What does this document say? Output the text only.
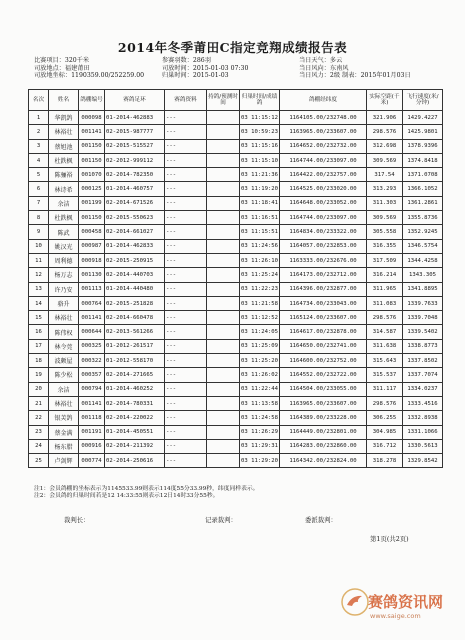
2014年冬季莆田C指定竞翔成绩报告表
比赛项目：320千米
司放地点：福建莆田
司放地坐标：1190359.00/252259.00
参赛羽数：286羽
司放时间：2015-01-03 07:30
归巢时间：2015-01-03
当日天气：多云
当日风向：东南风
当日风力：2级 制表：2015年01月03日
名次	姓名	鸽棚编号	赛鸽足环	赛鸽资料	持鸽/预测时间	归巢时间/成绩鸽	鸽棚经纬度	实际空距(千米)	飞行速度(米/分钟)
1	华凯鸽	000098	01-2014-462883	---		03 11:15:12	1164105.00/232748.00	321.906	1429.4227
2	林裕壮	001141	02-2015-987777	---		03 10:59:23	1163965.00/233607.00	298.576	1425.9801
3	蔡旭池	001150	02-2015-515527	---		03 11:15:16	1164652.00/232732.00	312.698	1378.9396
4	杜鉄枫	001150	02-2012-999112	---		03 11:15:10	1164744.00/233097.00	309.569	1374.8418
5	陈骊裕	001070	02-2014-782350	---		03 11:21:36	1164422.00/232757.00	317.54	1371.0708
6	林诗希	000125	01-2014-460757	---		03 11:19:20	1164525.00/233020.00	313.293	1366.1052
7	余洁	001199	02-2014-671526	---		03 11:18:41	1164648.00/233052.00	311.303	1361.2861
8	杜鉄枫	001150	02-2015-550623	---		03 11:16:51	1164744.00/233097.00	309.569	1355.8736
9	陈武	000458	02-2014-661027	---		03 11:15:51	1164834.00/233322.00	305.558	1352.9245
10	姚汉光	000987	01-2014-462833	---		03 11:24:56	1164057.00/232853.00	316.355	1346.5754
11	周利德	000918	02-2015-250915	---		03 11:26:10	1163333.00/232676.00	317.509	1344.4258
12	杨万志	001130	02-2014-440703	---		03 11:25:24	1164173.00/232712.00	316.214	1343.305
13	许乃安	001113	01-2014-440480	---		03 11:22:23	1164396.00/232877.00	311.965	1341.8895
14	骆升	000764	02-2015-251828	---		03 11:21:58	1164734.00/233043.00	311.083	1339.7633
15	林裕壮	001141	02-2014-660478	---		03 11:12:52	1165124.00/233607.00	298.576	1339.7048
16	陈伟权	000644	02-2013-561266	---		03 11:24:05	1164617.00/232878.00	314.587	1339.5402
17	林令莞	000325	01-2012-261517	---		03 11:25:09	1164650.00/232741.00	311.638	1338.8773
18	波颇屋	000322	01-2012-558170	---		03 11:25:20	1164600.00/232752.00	315.643	1337.8502
19	陈少松	000357	02-2014-271665	---		03 11:26:02	1164552.00/232722.00	315.537	1337.7074
20	余洁	000794	01-2014-460252	---		03 11:22:44	1164504.00/233055.00	311.117	1334.0237
21	林裕壮	001141	02-2014-780331	---		03 11:13:58	1163965.00/233607.00	298.576	1333.4516
22	银芙鸽	001118	02-2014-220022	---		03 11:24:58	1164389.00/233228.00	306.255	1332.8938
23	蔡金满	001191	01-2014-450551	---		03 11:26:29	1164449.00/232801.00	304.985	1331.1066
24	杨东腊	000916	02-2014-211392	---		03 11:29:31	1164283.00/232860.00	316.712	1330.5613
25	卢剑辉	000774	02-2014-250616	---		03 11:29:20	1164342.00/232824.00	318.278	1329.8542
注1：会员鸽棚的坐标表示为1145533.99则表示114度55分33.99秒，纬度同样表示。
注2：会员鸽的归巢时间若是12 14:33:55则表示12日14时33分55秒。
裁判长：	记录裁判：	委派裁判：
第1页(共2页)
赛鸽资讯网
www.saige.com
